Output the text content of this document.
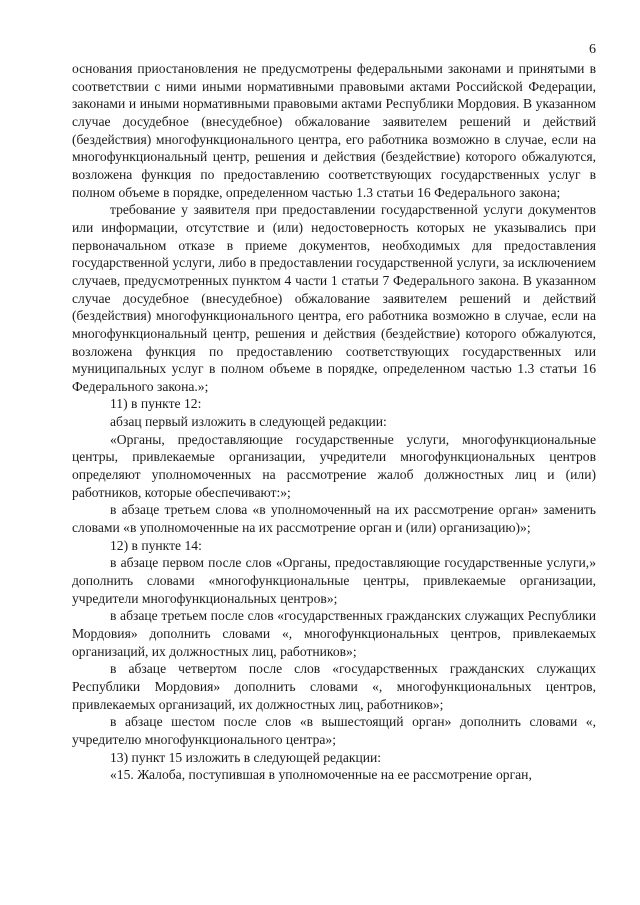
6

основания приостановления не предусмотрены федеральными законами и принятыми в соответствии с ними иными нормативными правовыми актами Российской Федерации, законами и иными нормативными правовыми актами Республики Мордовия. В указанном случае досудебное (внесудебное) обжалование заявителем решений и действий (бездействия) многофункционального центра, его работника возможно в случае, если на многофункциональный центр, решения и действия (бездействие) которого обжалуются, возложена функция по предоставлению соответствующих государственных услуг в полном объеме в порядке, определенном частью 1.3 статьи 16 Федерального закона;

требование у заявителя при предоставлении государственной услуги документов или информации, отсутствие и (или) недостоверность которых не указывались при первоначальном отказе в приеме документов, необходимых для предоставления государственной услуги, либо в предоставлении государственной услуги, за исключением случаев, предусмотренных пунктом 4 части 1 статьи 7 Федерального закона. В указанном случае досудебное (внесудебное) обжалование заявителем решений и действий (бездействия) многофункционального центра, его работника возможно в случае, если на многофункциональный центр, решения и действия (бездействие) которого обжалуются, возложена функция по предоставлению соответствующих государственных или муниципальных услуг в полном объеме в порядке, определенном частью 1.3 статьи 16 Федерального закона.»;

11) в пункте 12:

абзац первый изложить в следующей редакции:

«Органы, предоставляющие государственные услуги, многофункциональные центры, привлекаемые организации, учредители многофункциональных центров определяют уполномоченных на рассмотрение жалоб должностных лиц и (или) работников, которые обеспечивают:»;

в абзаце третьем слова «в уполномоченный на их рассмотрение орган» заменить словами «в уполномоченные на их рассмотрение орган и (или) организацию)»;

12) в пункте 14:

в абзаце первом после слов «Органы, предоставляющие государственные услуги,» дополнить словами «многофункциональные центры, привлекаемые организации, учредители многофункциональных центров»;

в абзаце третьем после слов «государственных гражданских служащих Республики Мордовия» дополнить словами «, многофункциональных центров, привлекаемых организаций, их должностных лиц, работников»;

в абзаце четвертом после слов «государственных гражданских служащих Республики Мордовия» дополнить словами «, многофункциональных центров, привлекаемых организаций, их должностных лиц, работников»;

в абзаце шестом после слов «в вышестоящий орган» дополнить словами «, учредителю многофункционального центра»;

13) пункт 15 изложить в следующей редакции:

«15. Жалоба, поступившая в уполномоченные на ее рассмотрение орган,
